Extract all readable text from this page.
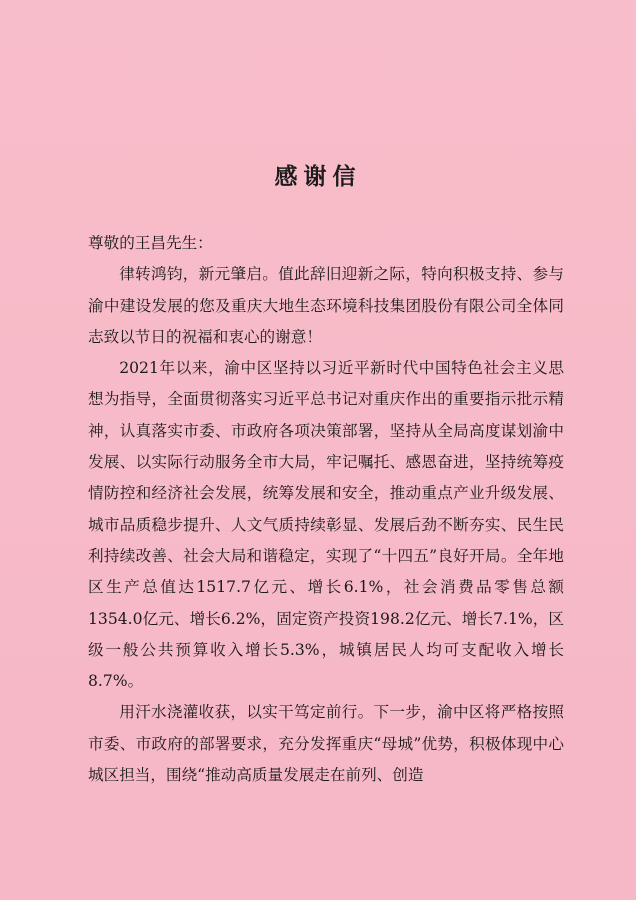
感谢信

尊敬的王昌先生：

律转鸿钧，新元肇启。值此辞旧迎新之际，特向积极支持、参与渝中建设发展的您及重庆大地生态环境科技集团股份有限公司全体同志致以节日的祝福和衷心的谢意！

2021年以来，渝中区坚持以习近平新时代中国特色社会主义思想为指导，全面贯彻落实习近平总书记对重庆作出的重要指示批示精神，认真落实市委、市政府各项决策部署，坚持从全局高度谋划渝中发展、以实际行动服务全市大局，牢记嘱托、感恩奋进，坚持统筹疫情防控和经济社会发展，统筹发展和安全，推动重点产业升级发展、城市品质稳步提升、人文气质持续彰显、发展后劲不断夯实、民生民利持续改善、社会大局和谐稳定，实现了“十四五”良好开局。全年地区生产总值达1517.7亿元、增长6.1%，社会消费品零售总额1354.0亿元、增长6.2%，固定资产投资198.2亿元、增长7.1%，区级一般公共预算收入增长5.3%，城镇居民人均可支配收入增长8.7%。

用汗水浇灌收获，以实干笃定前行。下一步，渝中区将严格按照市委、市政府的部署要求，充分发挥重庆“母城”优势，积极体现中心城区担当，围绕“推动高质量发展走在前列、创造
